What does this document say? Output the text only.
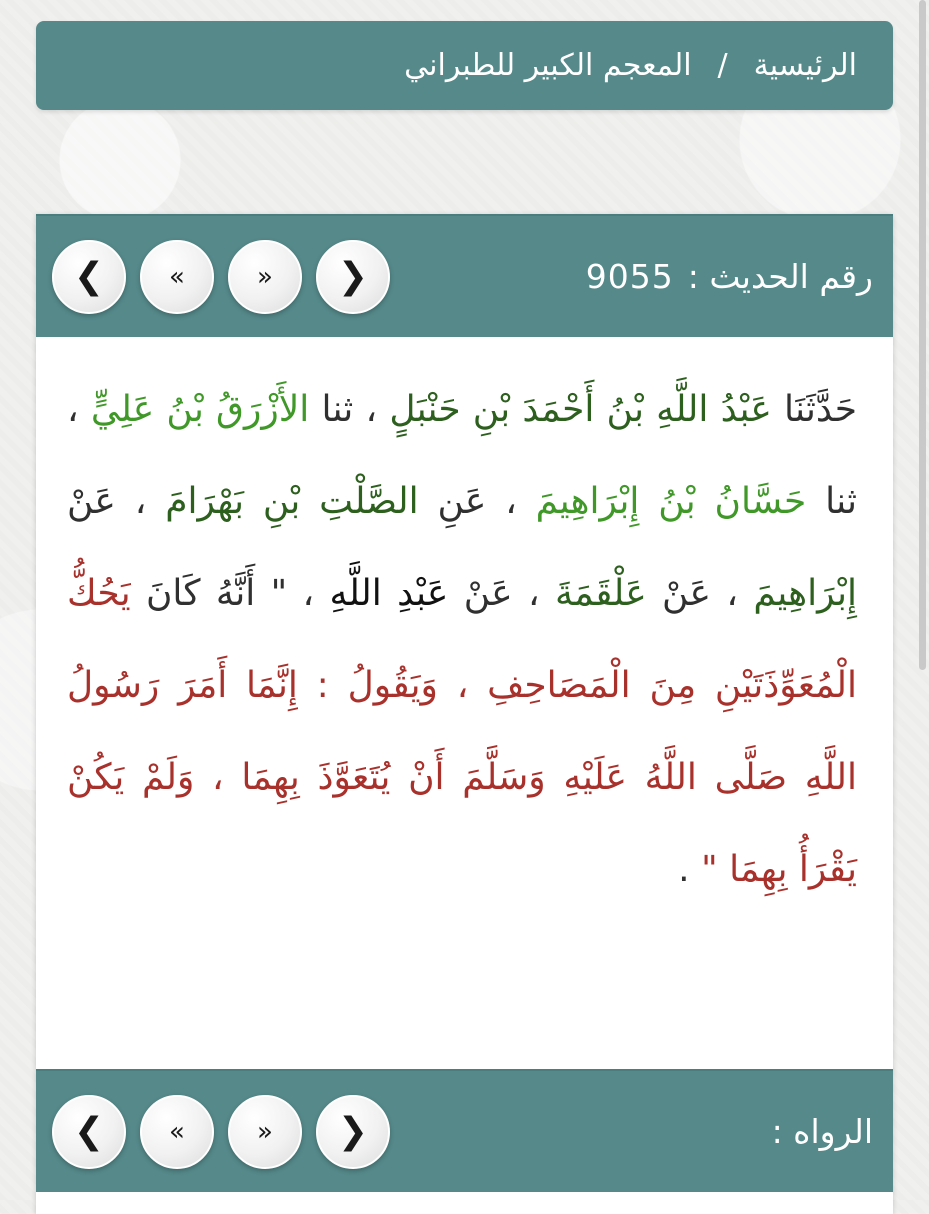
الرئيسية
/
المعجم الكبير للطبراني
رقم الحديث :
9055
❮ «	» ❯
حَدَّثَنَا عَبْدُ اللَّهِ بْنُ أَحْمَدَ بْنِ حَنْبَلٍ ، ثنا الأَزْرَقُ بْنُ عَلِيٍّ ، ثنا حَسَّانُ بْنُ إِبْرَاهِيمَ ، عَنِ الصَّلْتِ بْنِ بَهْرَامَ ، عَنْ إِبْرَاهِيمَ ، عَنْ عَلْقَمَةَ ، عَنْ عَبْدِ اللَّهِ ، " أَنَّهُ كَانَ يَحُكُّ الْمُعَوِّذَتَيْنِ مِنَ الْمَصَاحِفِ ، وَيَقُولُ : إِنَّمَا أَمَرَ رَسُولُ اللَّهِ صَلَّى اللَّهُ عَلَيْهِ وَسَلَّمَ أَنْ يُتَعَوَّذَ بِهِمَا ، وَلَمْ يَكُنْ يَقْرَأُ بِهِمَا " .
الرواه :
❮ «	» ❯
